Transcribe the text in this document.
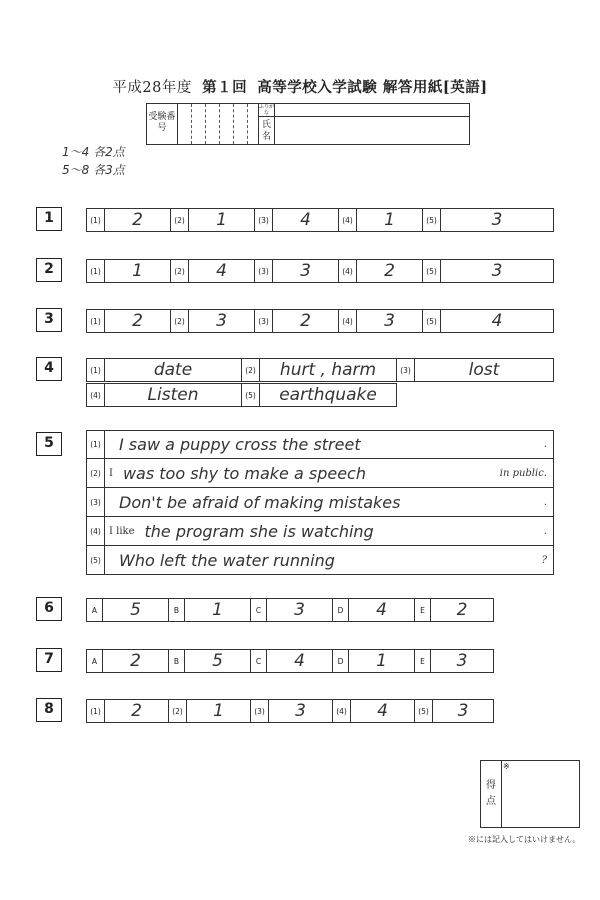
平成28年度 第１回 高等学校入学試験 解答用紙[英語]
受験番号
ふりがな
氏名
1～4 各2点
5～8 各3点
1	(1)	2	(2)	1	(3)	4	(4)	1	(5)	3
2	(1)	1	(2)	4	(3)	3	(4)	2	(5)	3
3	(1)	2	(2)	3	(3)	2	(4)	3	(5)	4
4	(1)	date	(2)	hurt , harm	(3)	lost
(4)	Listen	(5)	earthquake
5	(1) I saw a puppy cross the street	.
(2) I was too shy to make a speech	in public.
(3) Don't be afraid of making mistakes	.
(4) I like the program she is watching	.
(5) Who left the water running	?
6	A	5	B	1	C	3	D	4	E	2
7	A	2	B	5	C	4	D	1	E	3
8	(1)	2	(2)	1	(3)	3	(4)	4	(5)	3
得点
※
※には記入してはいけません。
